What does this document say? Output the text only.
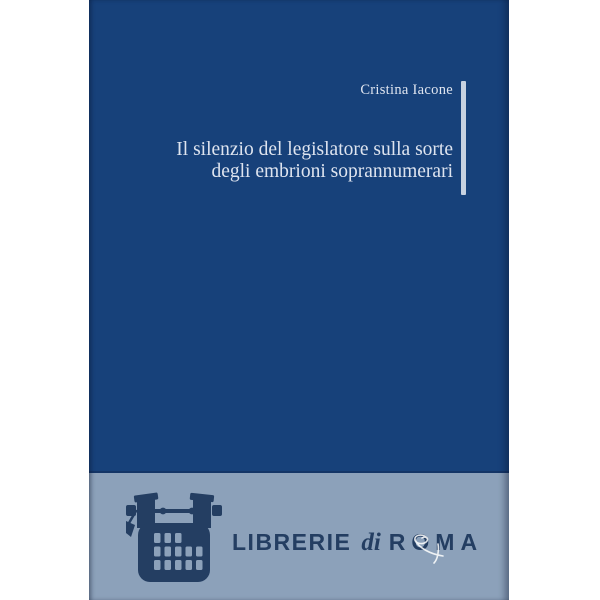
Cristina Iacone
Il silenzio del legislatore sulla sorte
degli embrioni soprannumerari
LIBRERIE di ROMA
